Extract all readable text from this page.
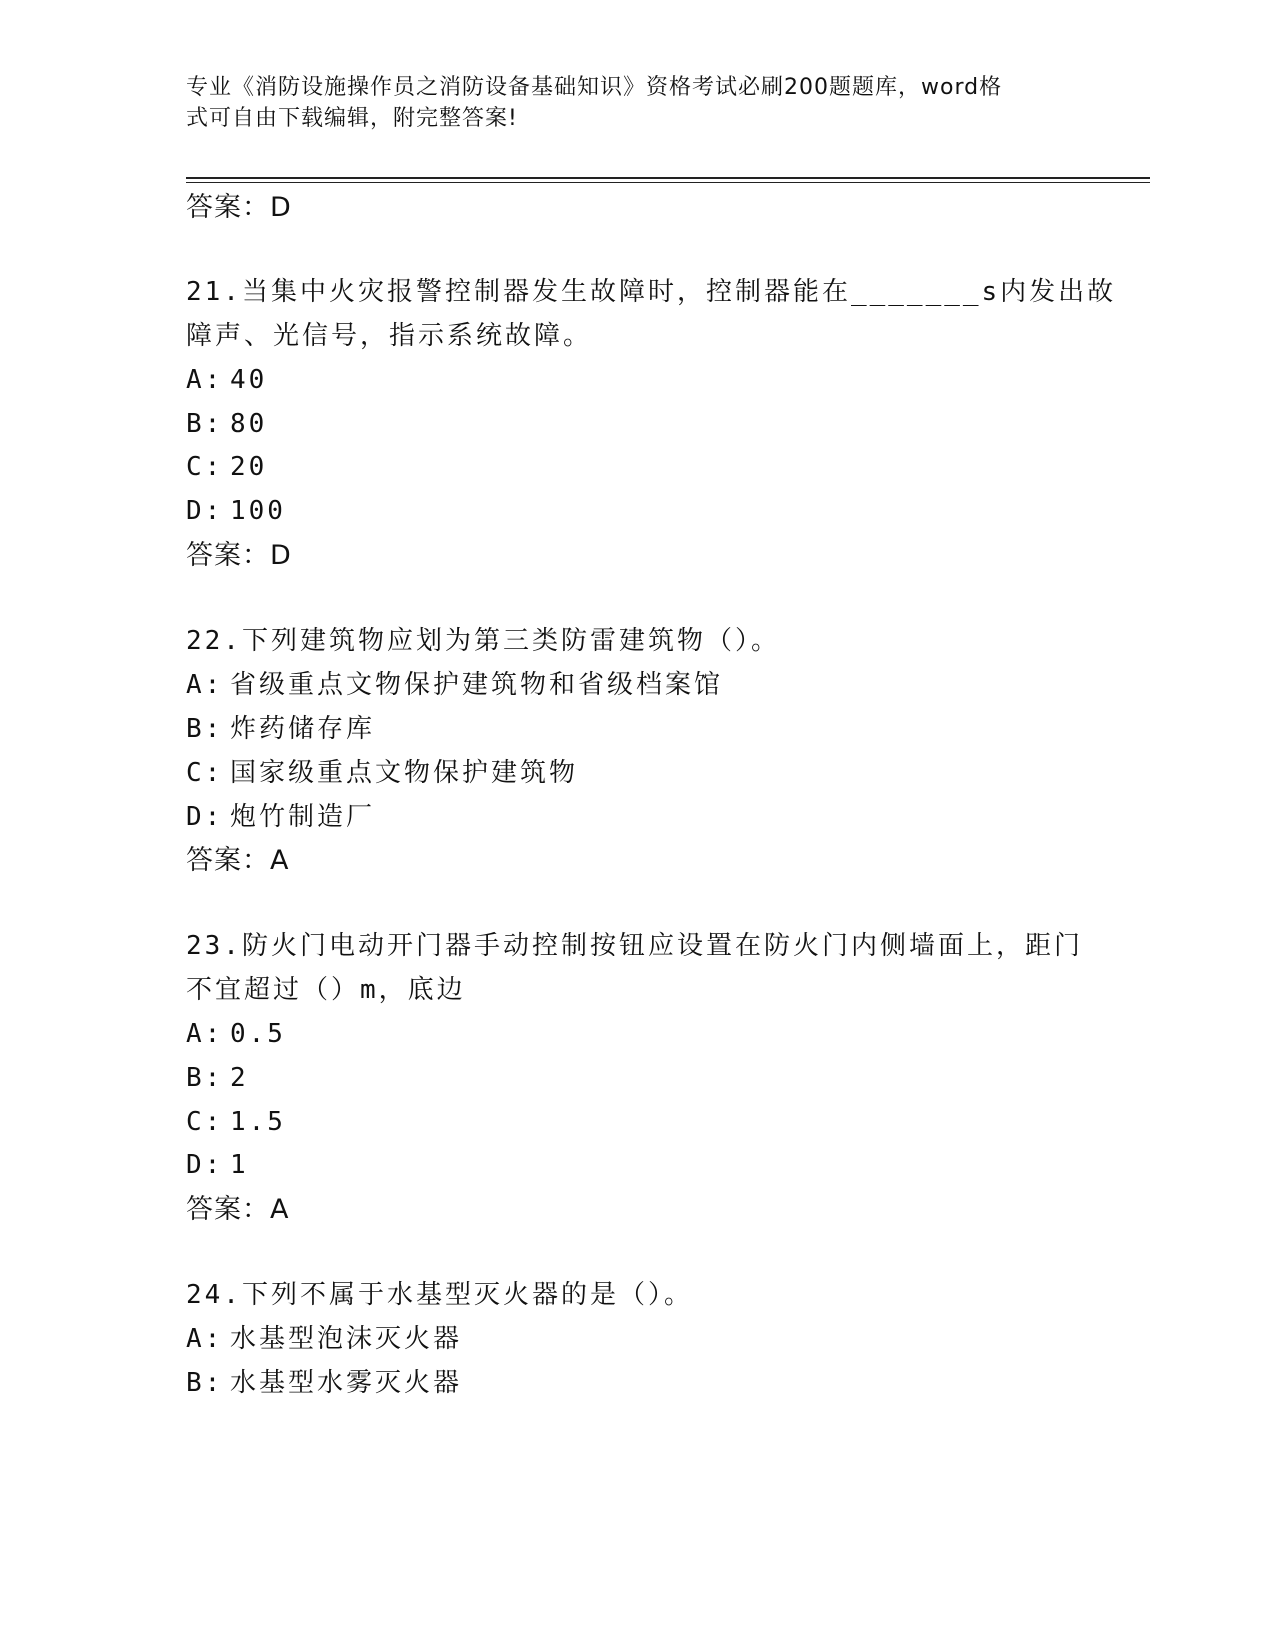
专业《消防设施操作员之消防设备基础知识》资格考试必刷200题题库，word格
式可自由下载编辑，附完整答案!
答案：D
21.当集中火灾报警控制器发生故障时，控制器能在_______s内发出故
障声、光信号，指示系统故障。
A: 40
B: 80
C: 20
D: 100
答案：D
22.下列建筑物应划为第三类防雷建筑物（）。
A: 省级重点文物保护建筑物和省级档案馆
B: 炸药储存库
C: 国家级重点文物保护建筑物
D: 炮竹制造厂
答案：A
23.防火门电动开门器手动控制按钮应设置在防火门内侧墙面上，距门
不宜超过（）m，底边
A: 0.5
B: 2
C: 1.5
D: 1
答案：A
24.下列不属于水基型灭火器的是（）。
A: 水基型泡沫灭火器
B: 水基型水雾灭火器
